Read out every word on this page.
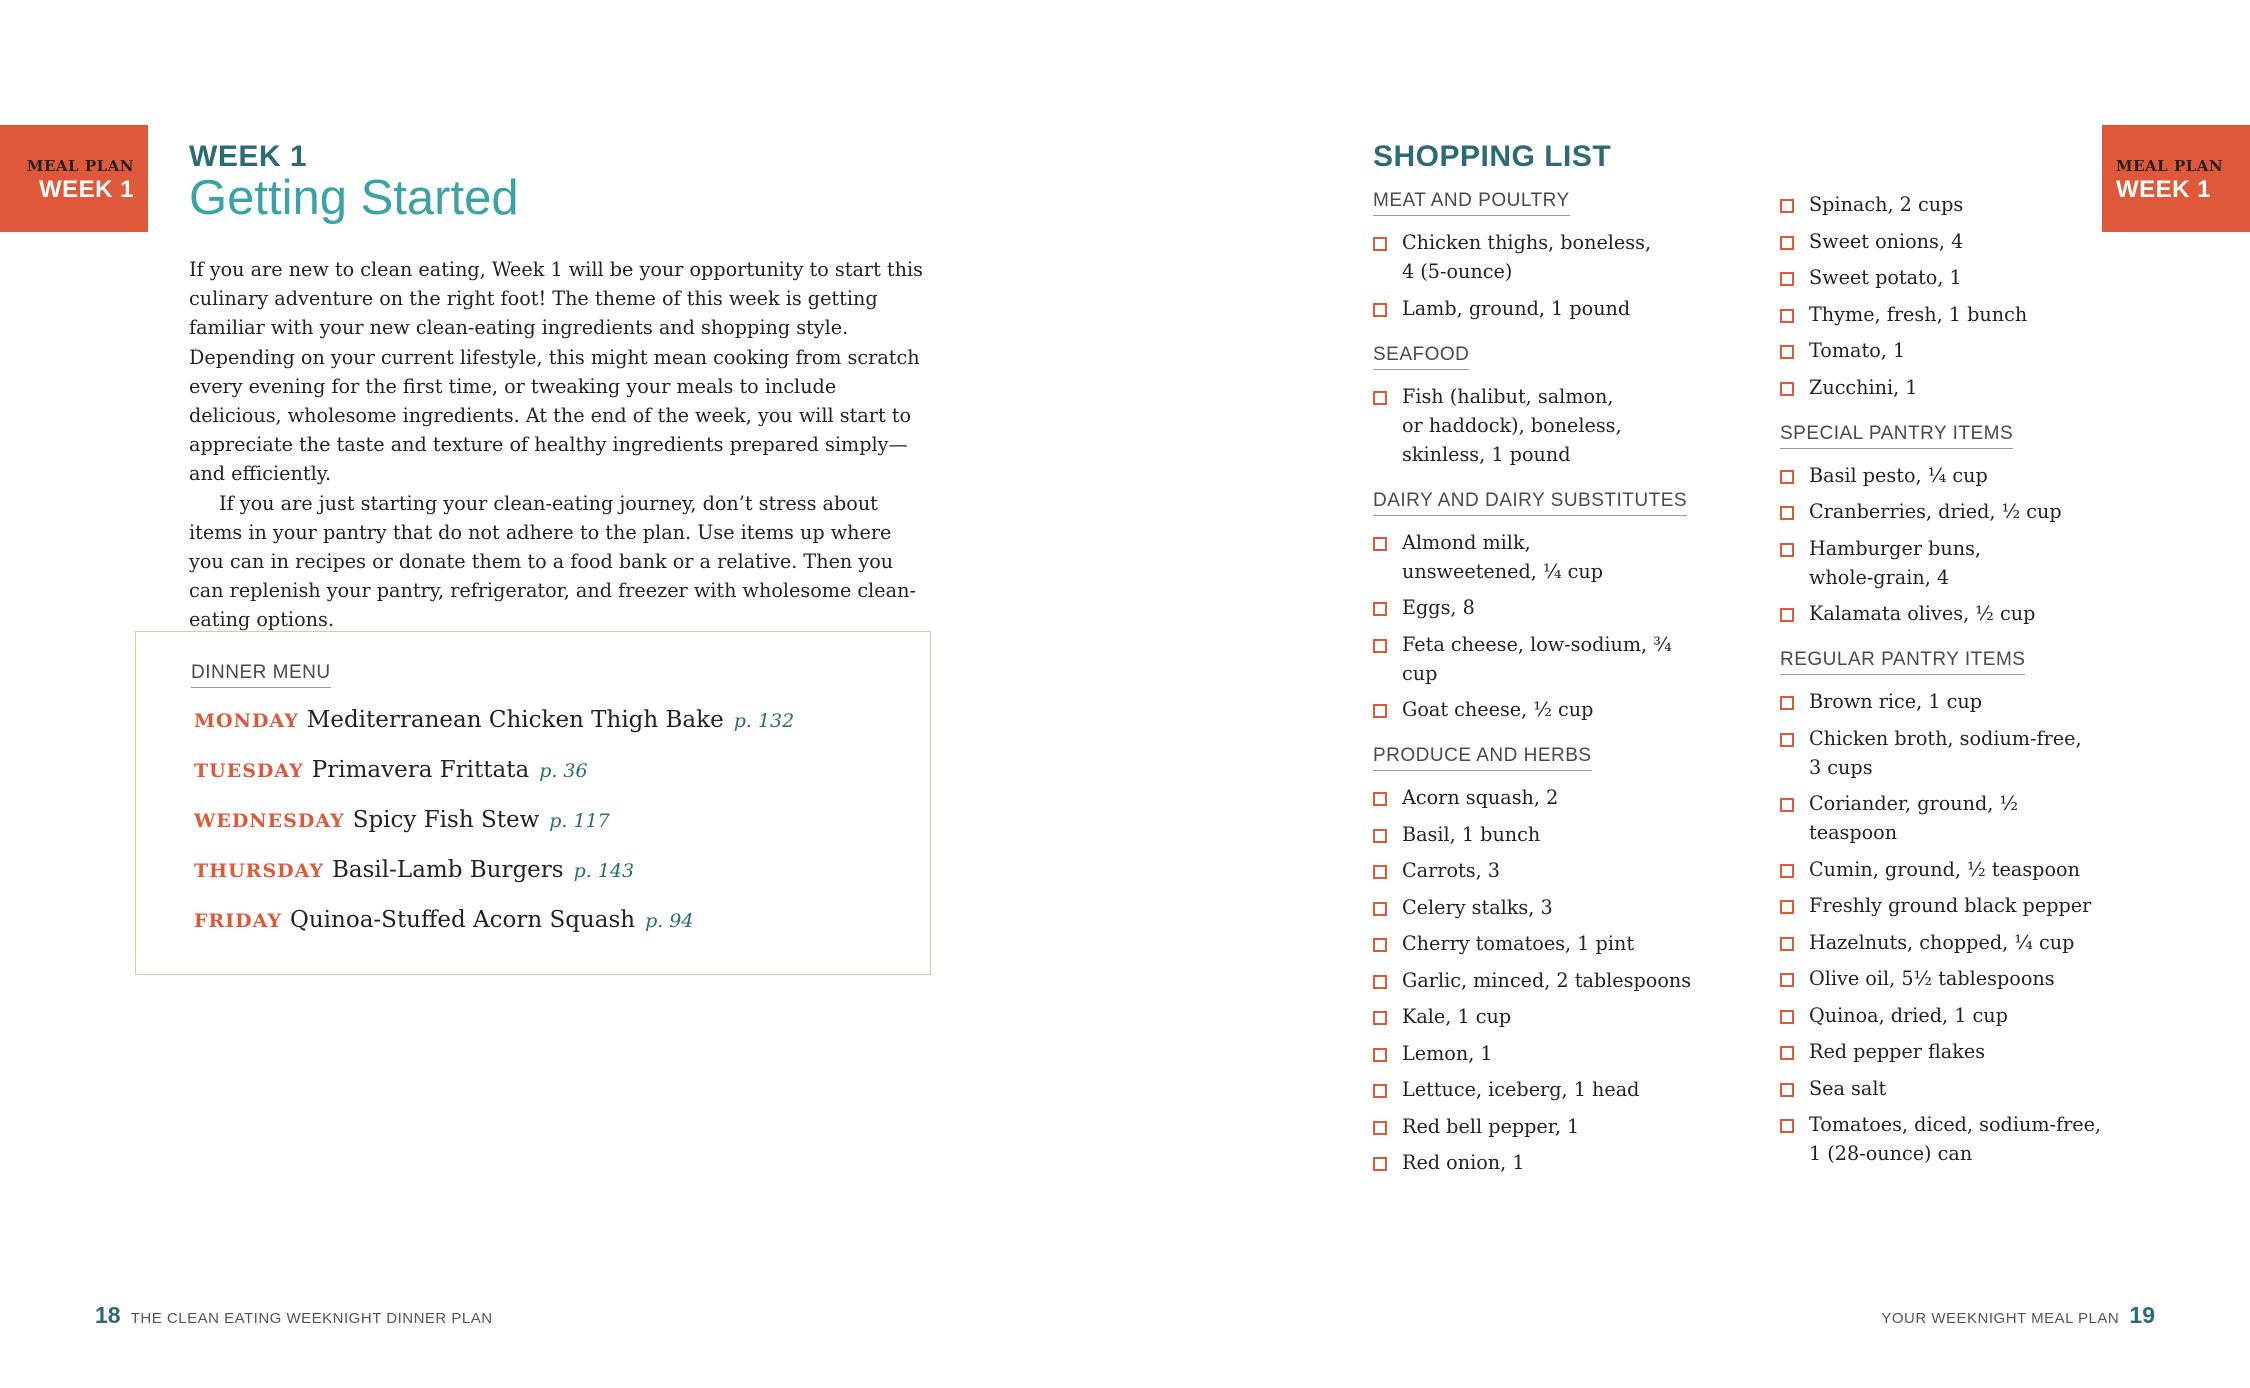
MEAL PLAN
WEEK 1
MEAL PLAN
WEEK 1
WEEK 1
Getting Started

If you are new to clean eating, Week 1 will be your opportunity to start this culinary adventure on the right foot! The theme of this week is getting familiar with your new clean-eating ingredients and shopping style. Depending on your current lifestyle, this might mean cooking from scratch every evening for the first time, or tweaking your meals to include delicious, wholesome ingredients. At the end of the week, you will start to appreciate the taste and texture of healthy ingredients prepared simply—and efficiently.

If you are just starting your clean-eating journey, don’t stress about items in your pantry that do not adhere to the plan. Use items up where you can in recipes or donate them to a food bank or a relative. Then you can replenish your pantry, refrigerator, and freezer with wholesome clean-eating options.

DINNER MENU
MONDAY Mediterranean Chicken Thigh Bake p. 132
TUESDAY Primavera Frittata p. 36
WEDNESDAY Spicy Fish Stew p. 117
THURSDAY Basil-Lamb Burgers p. 143
FRIDAY Quinoa-Stuffed Acorn Squash p. 94
18 THE CLEAN EATING WEEKNIGHT DINNER PLAN
SHOPPING LIST
MEAT AND POULTRY
Chicken thighs, boneless,
4 (5-ounce)
Lamb, ground, 1 pound
SEAFOOD
Fish (halibut, salmon,
or haddock), boneless,
skinless, 1 pound
DAIRY AND DAIRY SUBSTITUTES
Almond milk,
unsweetened, ¼ cup
Eggs, 8
Feta cheese, low-sodium, ¾ cup
Goat cheese, ½ cup
PRODUCE AND HERBS
Acorn squash, 2
Basil, 1 bunch
Carrots, 3
Celery stalks, 3
Cherry tomatoes, 1 pint
Garlic, minced, 2 tablespoons
Kale, 1 cup
Lemon, 1
Lettuce, iceberg, 1 head
Red bell pepper, 1
Red onion, 1
Spinach, 2 cups
Sweet onions, 4
Sweet potato, 1
Thyme, fresh, 1 bunch
Tomato, 1
Zucchini, 1
SPECIAL PANTRY ITEMS
Basil pesto, ¼ cup
Cranberries, dried, ½ cup
Hamburger buns,
whole-grain, 4
Kalamata olives, ½ cup
REGULAR PANTRY ITEMS
Brown rice, 1 cup
Chicken broth, sodium-free,
3 cups
Coriander, ground, ½ teaspoon
Cumin, ground, ½ teaspoon
Freshly ground black pepper
Hazelnuts, chopped, ¼ cup
Olive oil, 5½ tablespoons
Quinoa, dried, 1 cup
Red pepper flakes
Sea salt
Tomatoes, diced, sodium-free,
1 (28-ounce) can
YOUR WEEKNIGHT MEAL PLAN 19
